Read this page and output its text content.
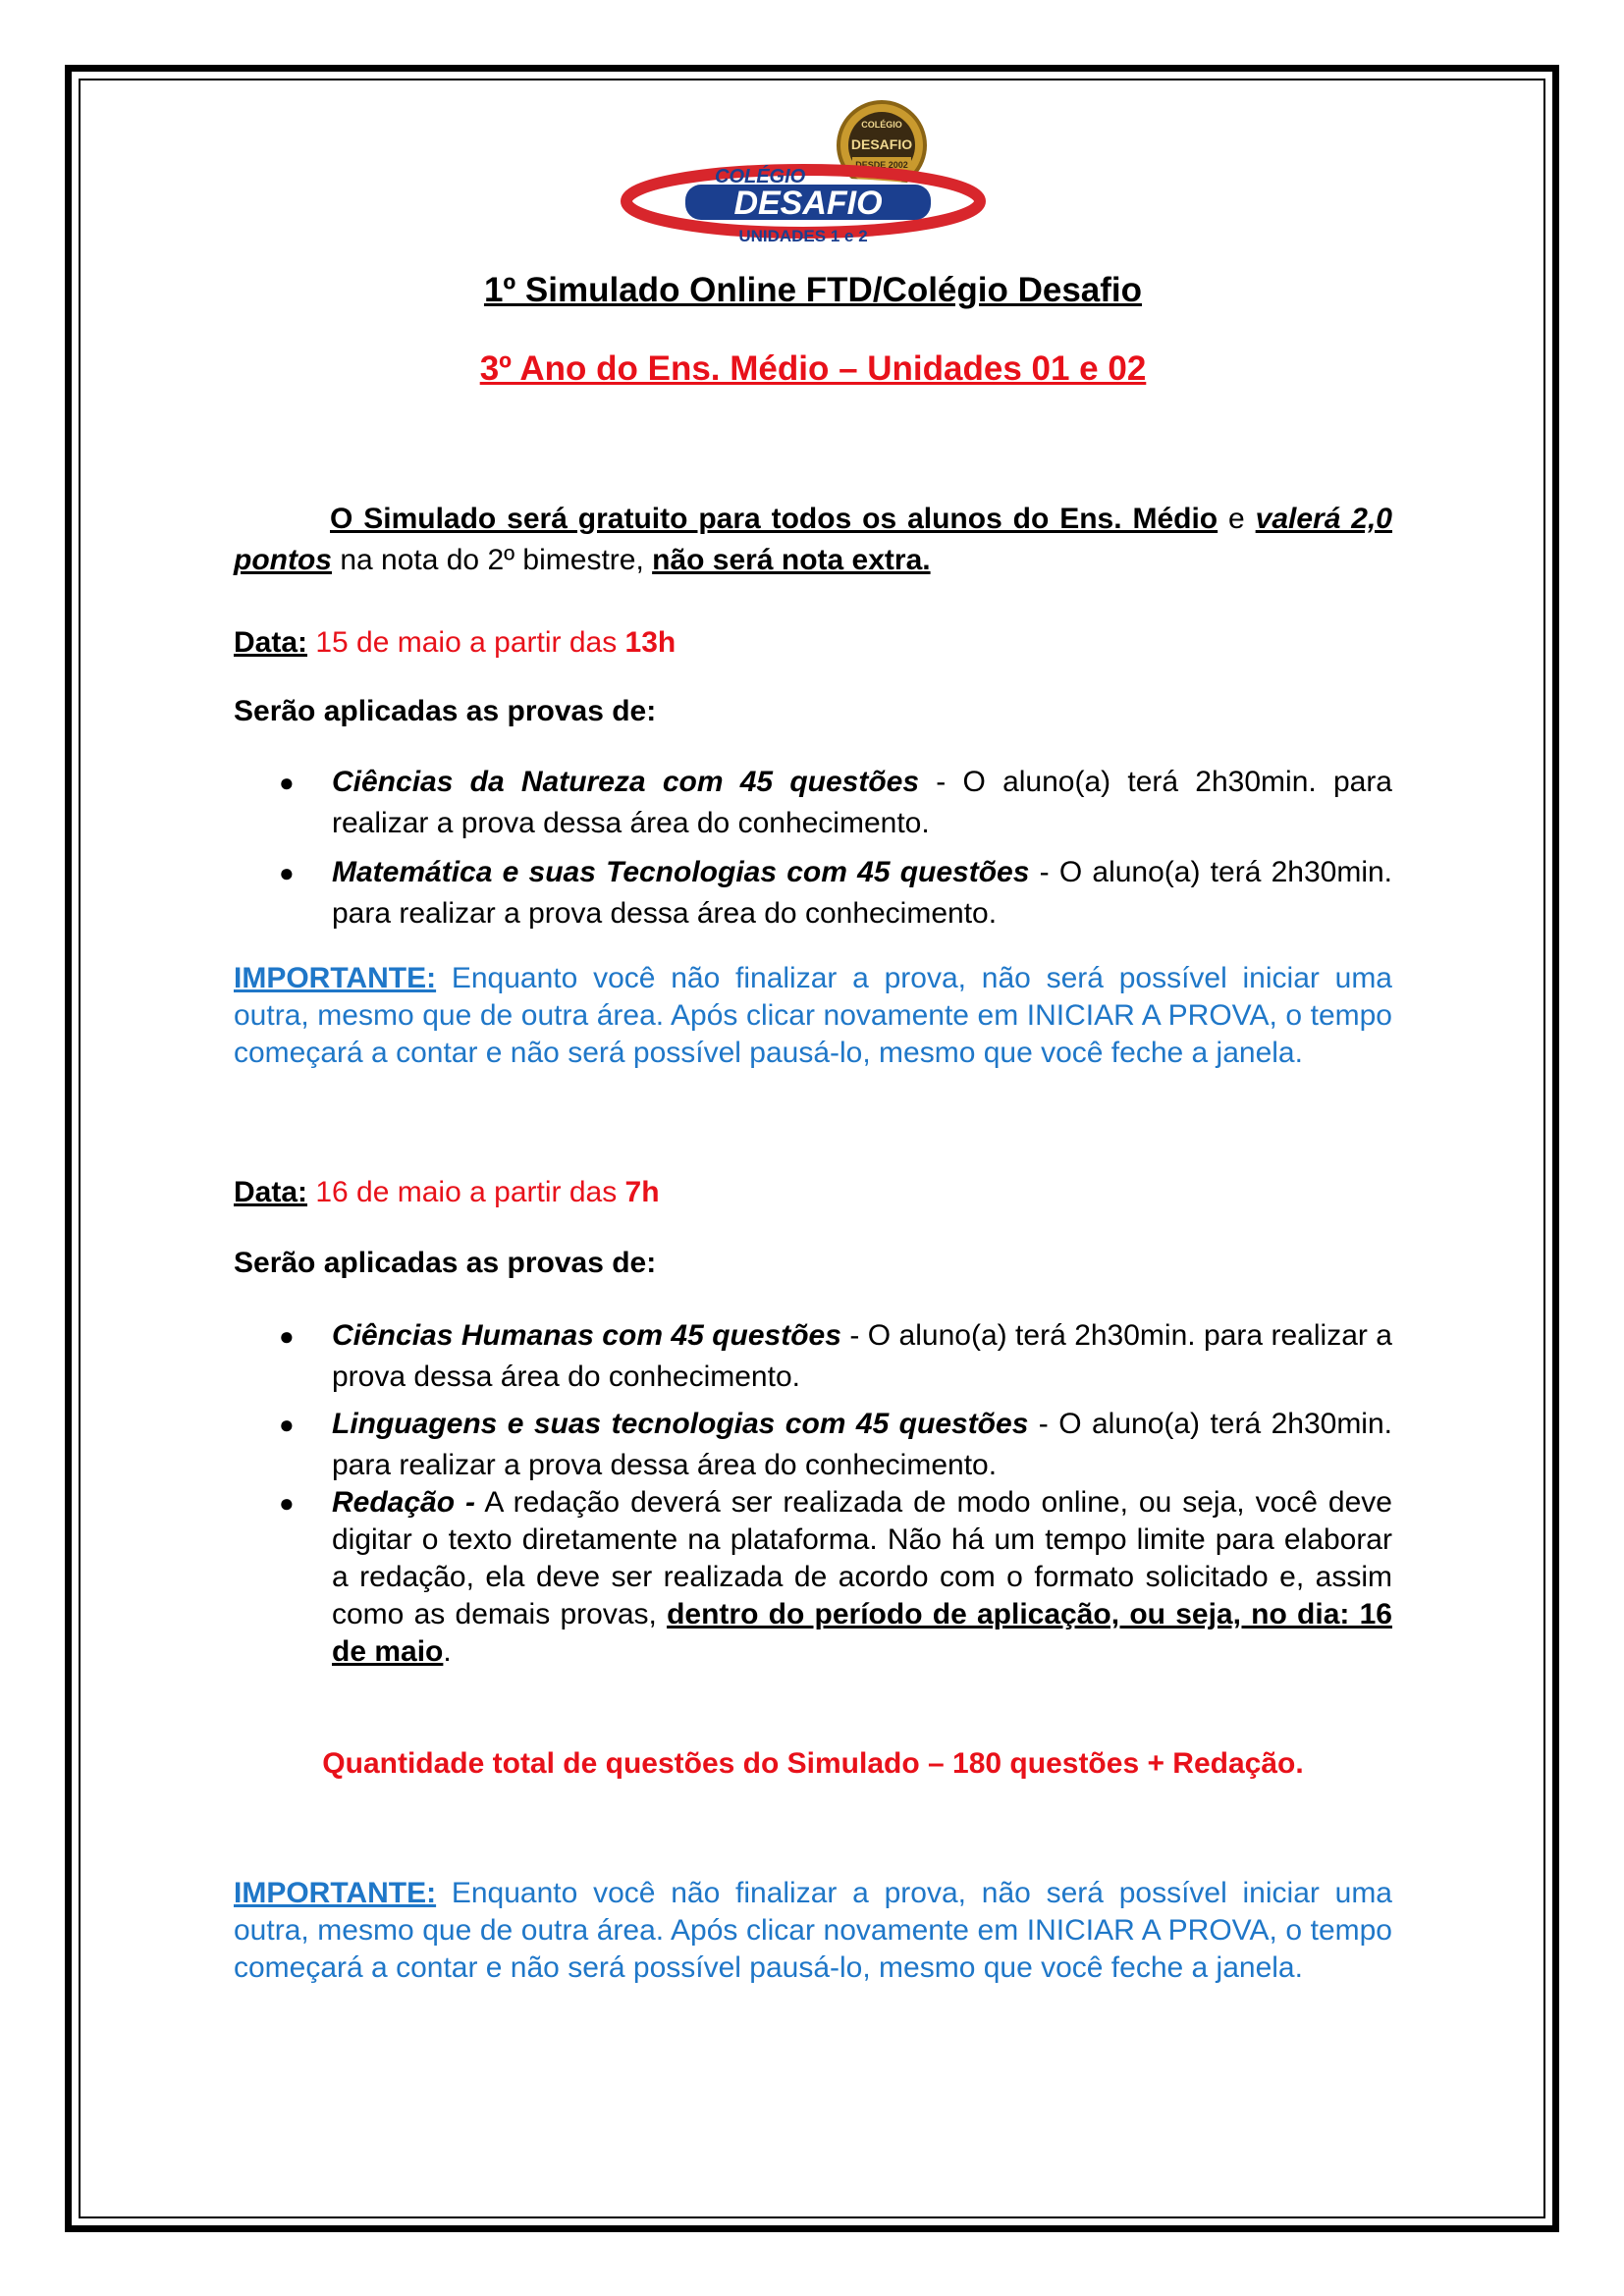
COLÉGIO
DESAFIO
DESDE 2002
COLÉGIO
DESAFIO
UNIDADES 1 e 2
1º Simulado Online FTD/Colégio Desafio
3º Ano do Ens. Médio – Unidades 01 e 02
O Simulado será gratuito para todos os alunos do Ens. Médio e valerá 2,0 pontos na nota do 2º bimestre, não será nota extra.
Data: 15 de maio a partir das 13h
Serão aplicadas as provas de:
● Ciências da Natureza com 45 questões - O aluno(a) terá 2h30min. para realizar a prova dessa área do conhecimento.
● Matemática e suas Tecnologias com 45 questões - O aluno(a) terá 2h30min. para realizar a prova dessa área do conhecimento.
IMPORTANTE: Enquanto você não finalizar a prova, não será possível iniciar uma outra, mesmo que de outra área. Após clicar novamente em INICIAR A PROVA, o tempo começará a contar e não será possível pausá-lo, mesmo que você feche a janela.
Data: 16 de maio a partir das 7h
Serão aplicadas as provas de:
● Ciências Humanas com 45 questões - O aluno(a) terá 2h30min. para realizar a prova dessa área do conhecimento.
● Linguagens e suas tecnologias com 45 questões - O aluno(a) terá 2h30min. para realizar a prova dessa área do conhecimento.
● Redação - A redação deverá ser realizada de modo online, ou seja, você deve digitar o texto diretamente na plataforma. Não há um tempo limite para elaborar a redação, ela deve ser realizada de acordo com o formato solicitado e, assim como as demais provas, dentro do período de aplicação, ou seja, no dia: 16 de maio.
Quantidade total de questões do Simulado – 180 questões + Redação.
IMPORTANTE: Enquanto você não finalizar a prova, não será possível iniciar uma outra, mesmo que de outra área. Após clicar novamente em INICIAR A PROVA, o tempo começará a contar e não será possível pausá-lo, mesmo que você feche a janela.
